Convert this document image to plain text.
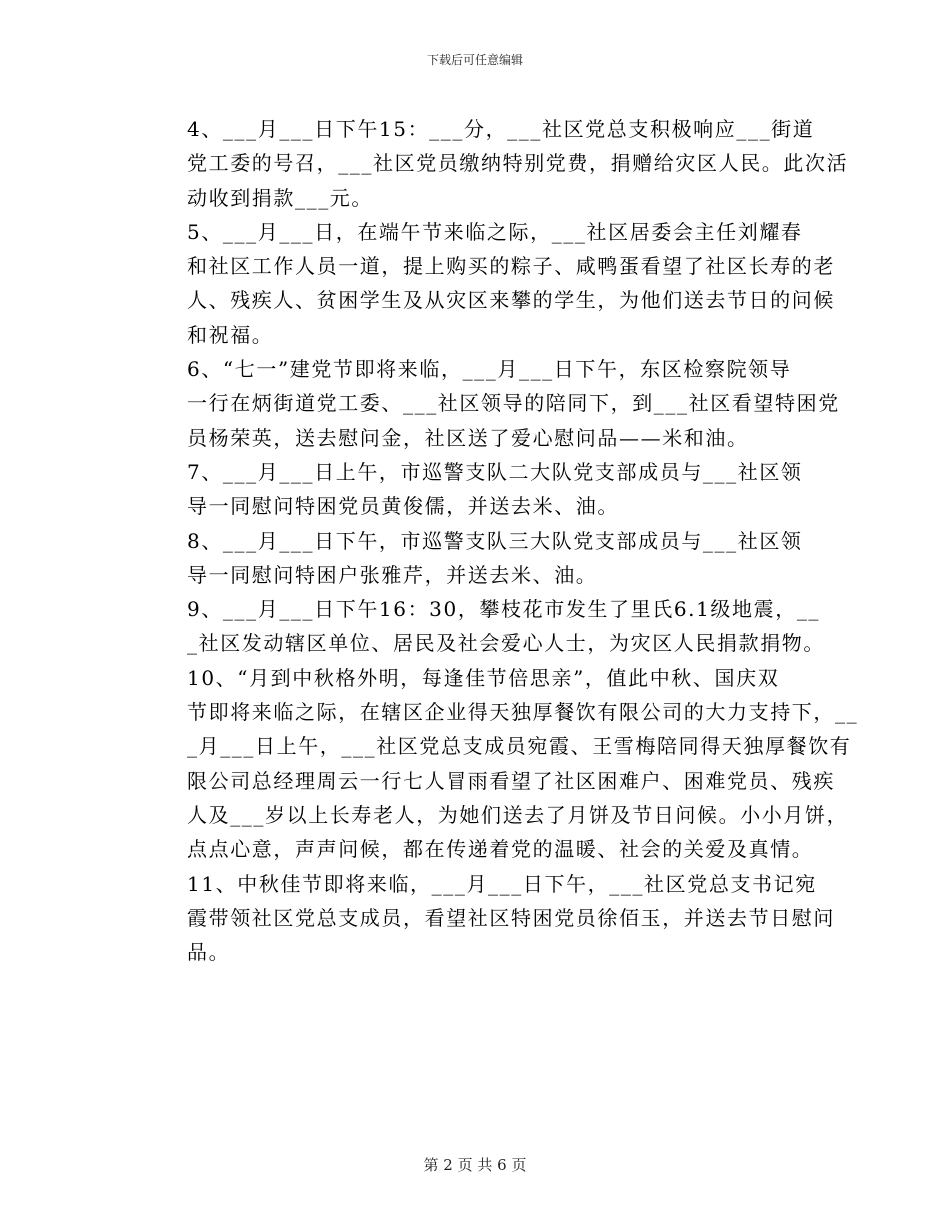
下载后可任意编辑

4、___月___日下午15：___分，___社区党总支积极响应___街道
党工委的号召，___社区党员缴纳特别党费，捐赠给灾区人民。此次活
动收到捐款___元。

5、___月___日，在端午节来临之际，___社区居委会主任刘耀春
和社区工作人员一道，提上购买的粽子、咸鸭蛋看望了社区长寿的老
人、残疾人、贫困学生及从灾区来攀的学生，为他们送去节日的问候
和祝福。

6、“七一”建党节即将来临，___月___日下午，东区检察院领导
一行在炳街道党工委、___社区领导的陪同下，到___社区看望特困党
员杨荣英，送去慰问金，社区送了爱心慰问品——米和油。

7、___月___日上午，市巡警支队二大队党支部成员与___社区领
导一同慰问特困党员黄俊儒，并送去米、油。

8、___月___日下午，市巡警支队三大队党支部成员与___社区领
导一同慰问特困户张雅芹，并送去米、油。

9、___月___日下午16：30，攀枝花市发生了里氏6.1级地震，__
_社区发动辖区单位、居民及社会爱心人士，为灾区人民捐款捐物。

10、“月到中秋格外明，每逢佳节倍思亲”，值此中秋、国庆双
节即将来临之际，在辖区企业得天独厚餐饮有限公司的大力支持下，__
_月___日上午，___社区党总支成员宛霞、王雪梅陪同得天独厚餐饮有
限公司总经理周云一行七人冒雨看望了社区困难户、困难党员、残疾
人及___岁以上长寿老人，为她们送去了月饼及节日问候。小小月饼，
点点心意，声声问候，都在传递着党的温暖、社会的关爱及真情。

11、中秋佳节即将来临，___月___日下午，___社区党总支书记宛
霞带领社区党总支成员，看望社区特困党员徐佰玉，并送去节日慰问
品。

第 2 页 共 6 页
